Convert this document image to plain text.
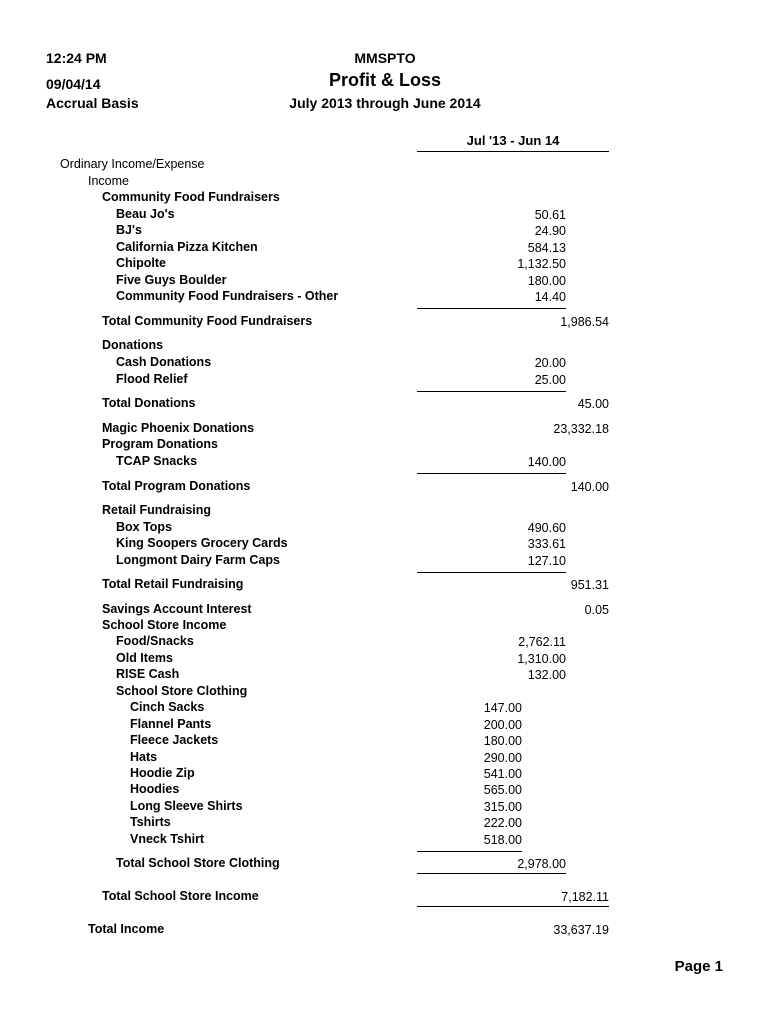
12:24 PM
09/04/14
Accrual Basis
MMSPTO
Profit & Loss
July 2013 through June 2014
Jul '13 - Jun 14
Ordinary Income/Expense
Income
Community Food Fundraisers
Beau Jo's	50.61
BJ's	24.90
California Pizza Kitchen	584.13
Chipolte	1,132.50
Five Guys Boulder	180.00
Community Food Fundraisers - Other	14.40
Total Community Food Fundraisers	1,986.54
Donations
Cash Donations	20.00
Flood Relief	25.00
Total Donations	45.00
Magic Phoenix Donations	23,332.18
Program Donations
TCAP Snacks	140.00
Total Program Donations	140.00
Retail Fundraising
Box Tops	490.60
King Soopers Grocery Cards	333.61
Longmont Dairy Farm Caps	127.10
Total Retail Fundraising	951.31
Savings Account Interest	0.05
School Store Income
Food/Snacks	2,762.11
Old Items	1,310.00
RISE Cash	132.00
School Store Clothing
Cinch Sacks	147.00
Flannel Pants	200.00
Fleece Jackets	180.00
Hats	290.00
Hoodie Zip	541.00
Hoodies	565.00
Long Sleeve Shirts	315.00
Tshirts	222.00
Vneck Tshirt	518.00
Total School Store Clothing	2,978.00
Total School Store Income	7,182.11
Total Income	33,637.19
Page 1
